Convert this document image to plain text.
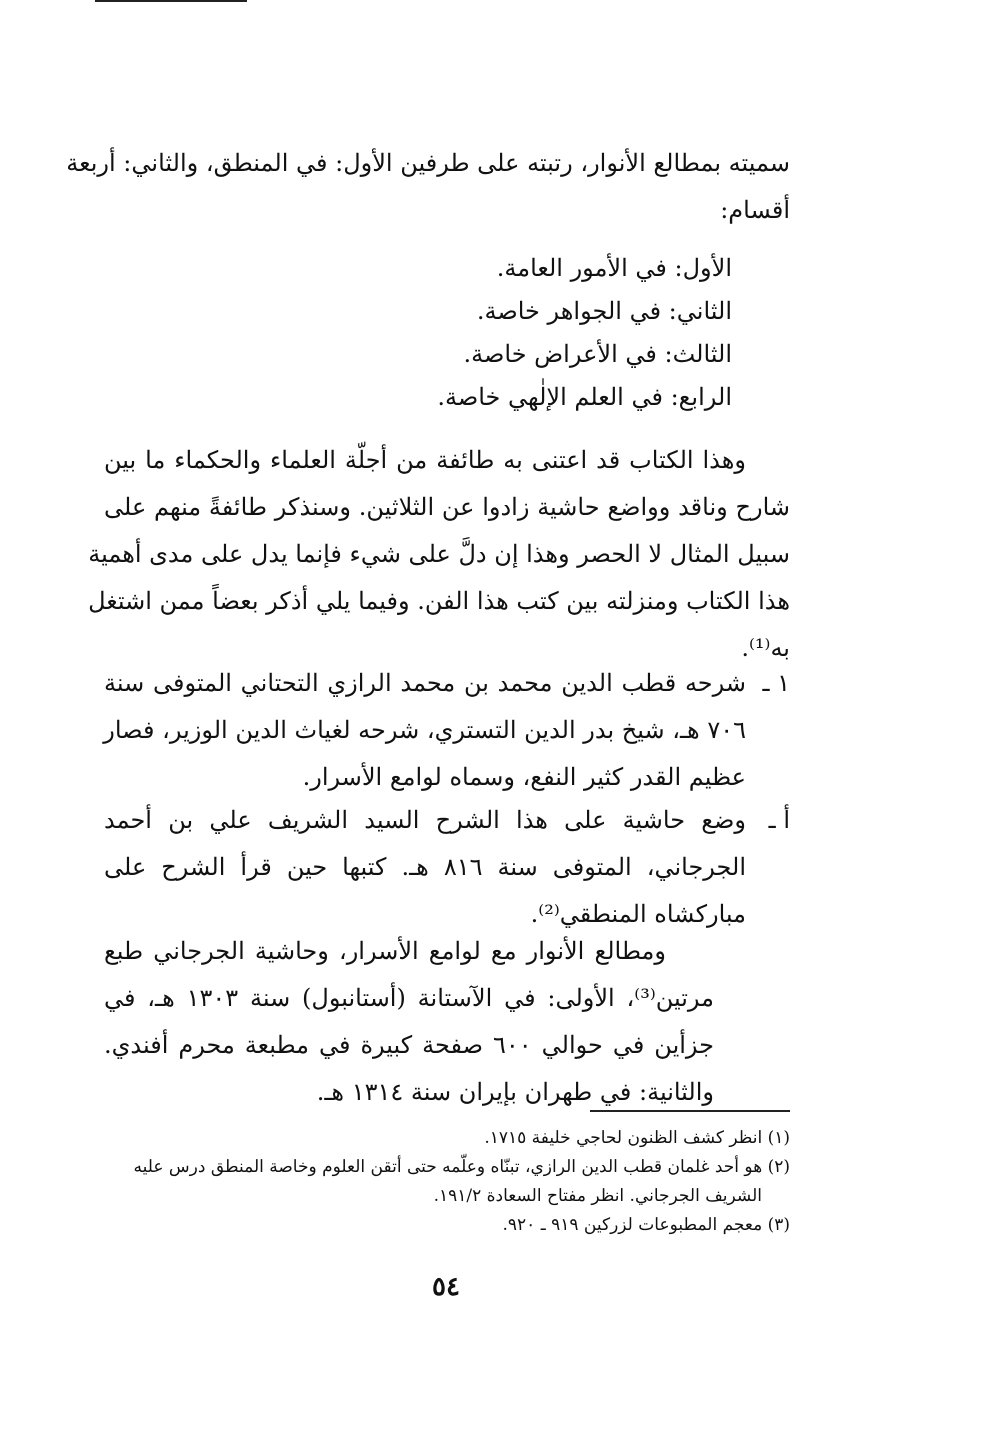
سميته بمطالع الأنوار، رتبته على طرفين الأول: في المنطق، والثاني: أربعة
أقسام:
الأول: في الأمور العامة.
الثاني: في الجواهر خاصة.
الثالث: في الأعراض خاصة.
الرابع: في العلم الإلٰهي خاصة.
وهذا الكتاب قد اعتنى به طائفة من أجلّة العلماء والحكماء ما بين
شارح وناقد وواضع حاشية زادوا عن الثلاثين. وسنذكر طائفةً منهم على
سبيل المثال لا الحصر وهذا إن دلَّ على شيء فإنما يدل على مدى أهمية
هذا الكتاب ومنزلته بين كتب هذا الفن. وفيما يلي أذكر بعضاً ممن اشتغل
به⁽¹⁾.
١ ـ
شرحه قطب الدين محمد بن محمد الرازي التحتاني المتوفى سنة
٧٠٦ هـ، شيخ بدر الدين التستري، شرحه لغياث الدين الوزير، فصار
عظيم القدر كثير النفع، وسماه لوامع الأسرار.
أ ـ
وضع حاشية على هذا الشرح السيد الشريف علي بن أحمد
الجرجاني، المتوفى سنة ٨١٦ هـ. كتبها حين قرأ الشرح على
مباركشاه المنطقي⁽²⁾.
ومطالع الأنوار مع لوامع الأسرار، وحاشية الجرجاني طبع
مرتين⁽³⁾، الأولى: في الآستانة (أستانبول) سنة ١٣٠٣ هـ، في
جزأين في حوالي ٦٠٠ صفحة كبيرة في مطبعة محرم أفندي.
والثانية: في طهران بإيران سنة ١٣١٤ هـ.
(١) انظر كشف الظنون لحاجي خليفة ١٧١٥.
(٢) هو أحد غلمان قطب الدين الرازي، تبنّاه وعلّمه حتى أتقن العلوم وخاصة المنطق درس عليه
الشريف الجرجاني. انظر مفتاح السعادة ١٩١/٢.
(٣) معجم المطبوعات لزركين ٩١٩ ـ ٩٢٠.
٥٤
